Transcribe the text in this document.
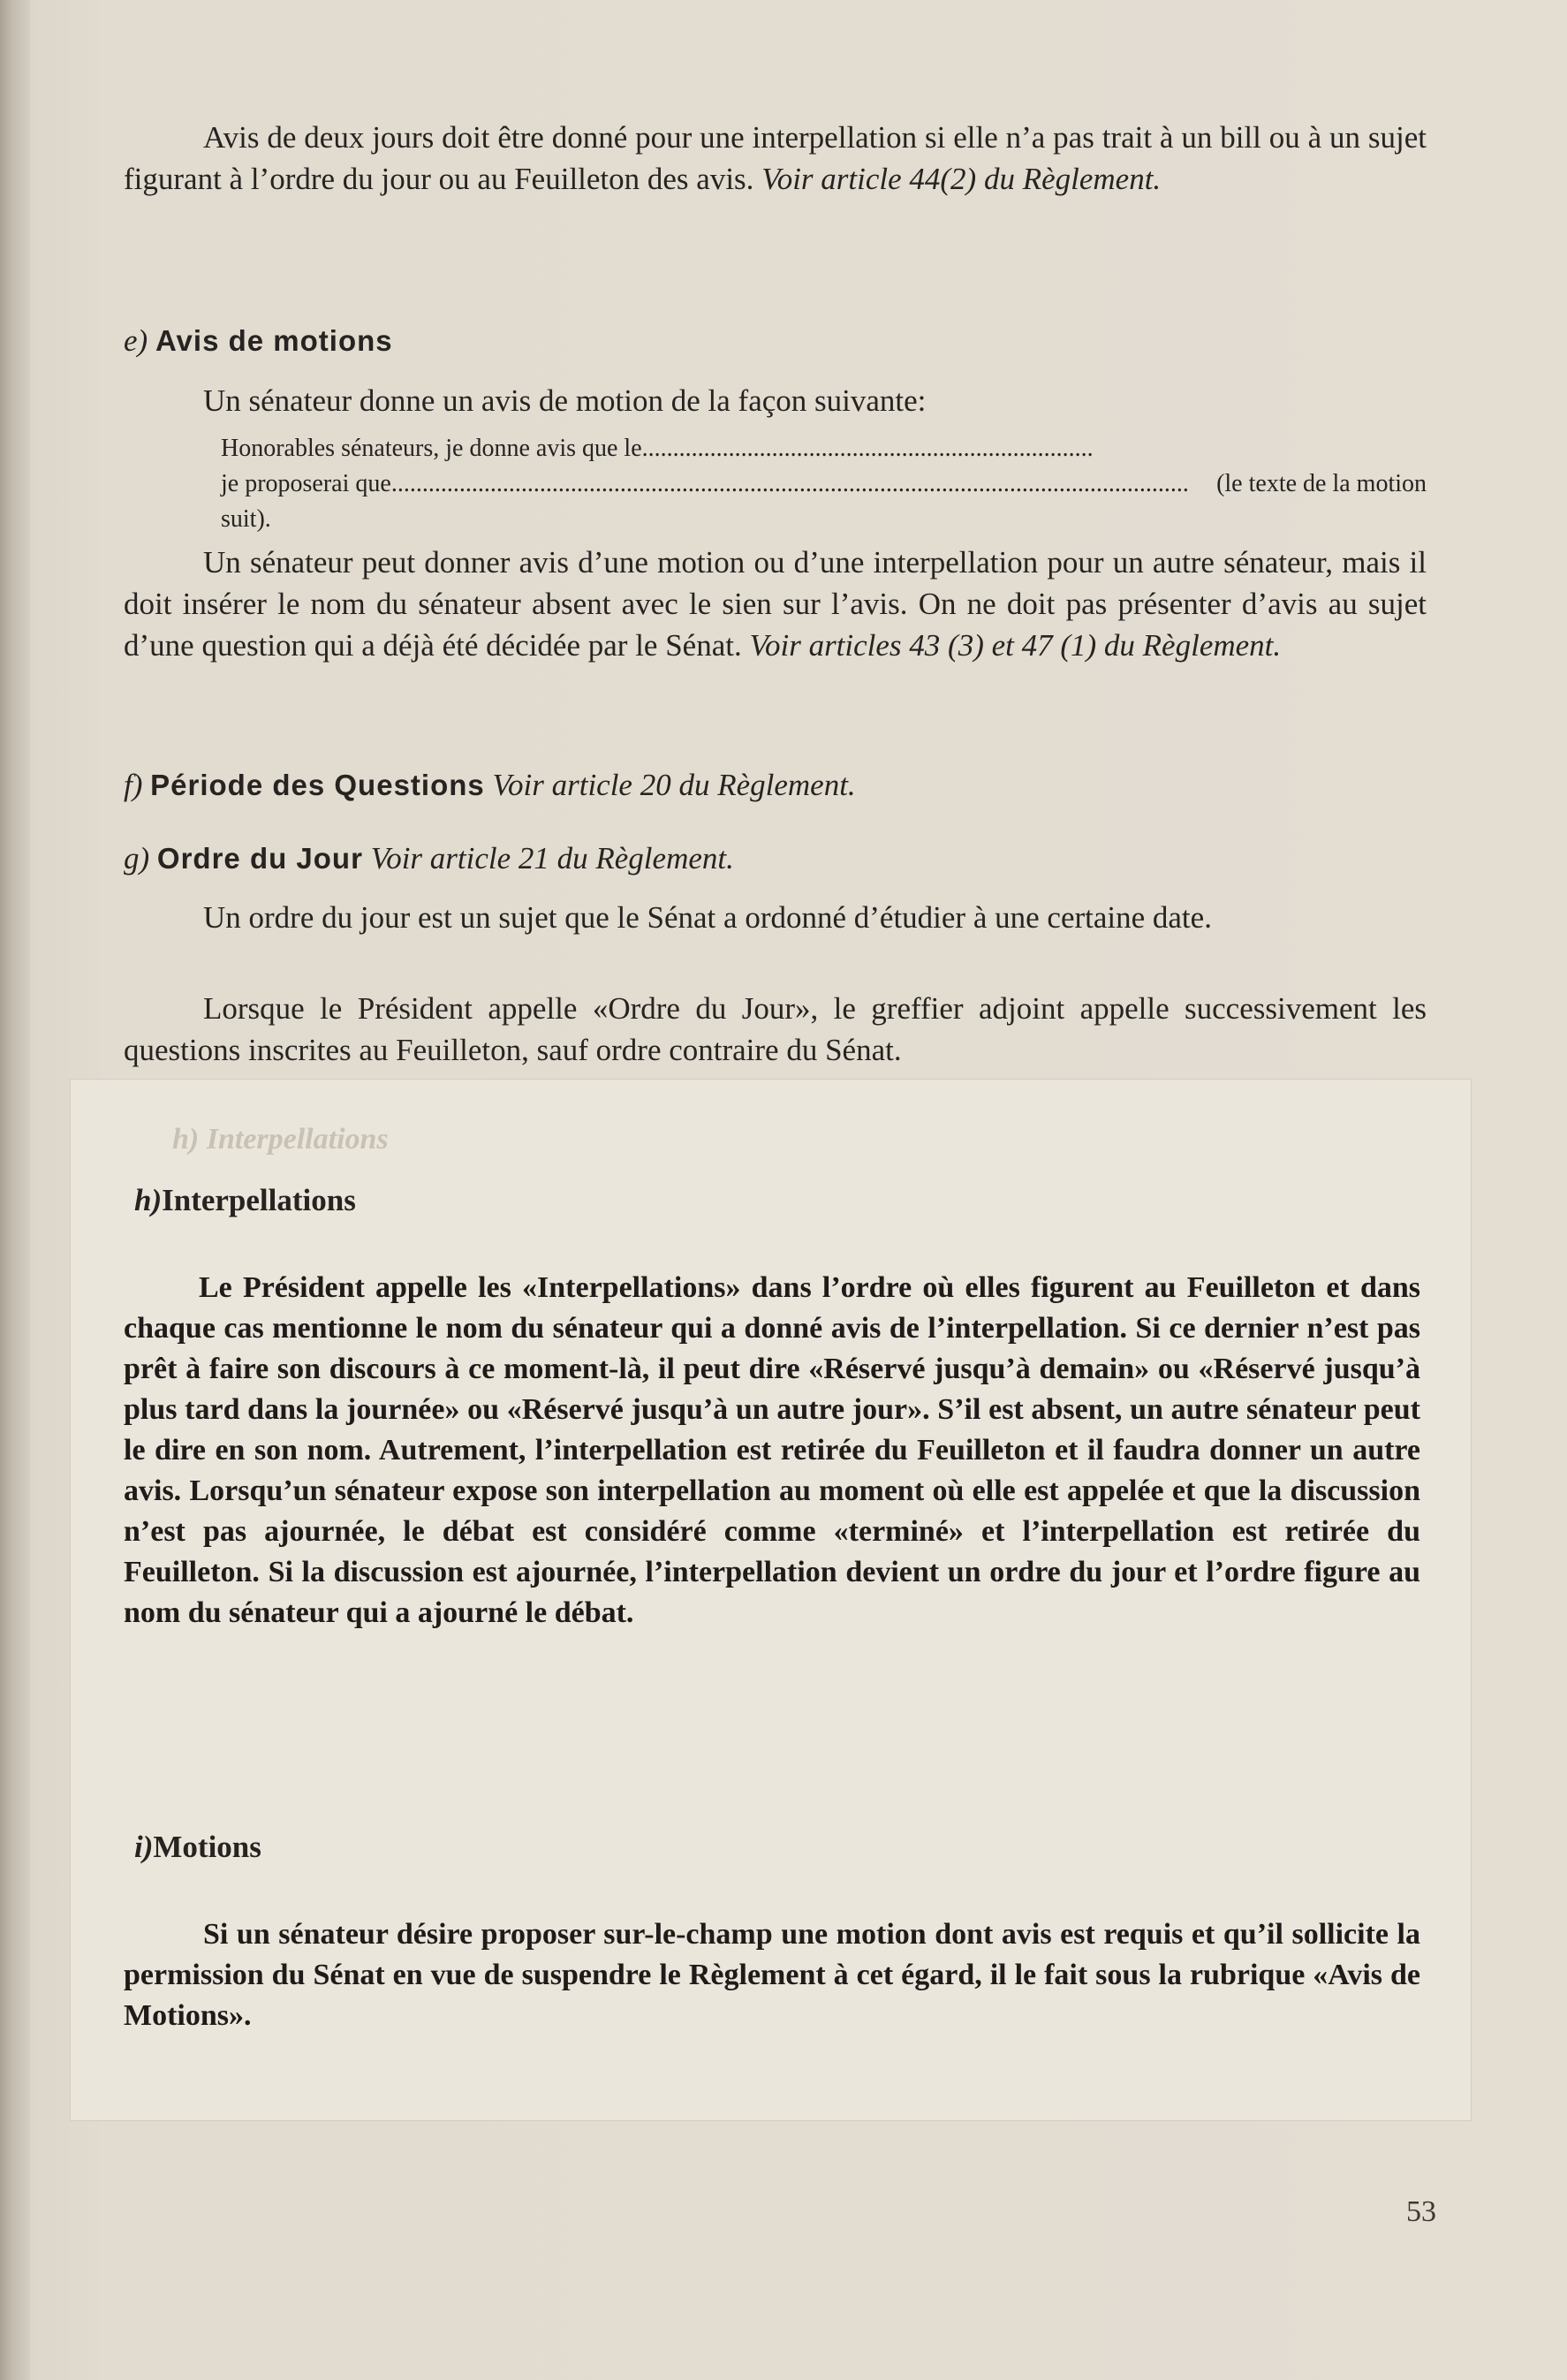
Avis de deux jours doit être donné pour une interpellation si elle n’a pas trait à un bill ou à un sujet figurant à l’ordre du jour ou au Feuilleton des avis. Voir article 44(2) du Règlement.

e) Avis de motions

Un sénateur donne un avis de motion de la façon suivante:

Honorables sénateurs, je donne avis que le.........................................................................
je proposerai que .................................................................................................................................	(le texte de la motion
suit).

Un sénateur peut donner avis d’une motion ou d’une interpellation pour un autre sénateur, mais il doit insérer le nom du sénateur absent avec le sien sur l’avis. On ne doit pas présenter d’avis au sujet d’une question qui a déjà été décidée par le Sénat. Voir articles 43 (3) et 47 (1) du Règlement.

f) Période des Questions Voir article 20 du Règlement.

g) Ordre du Jour Voir article 21 du Règlement.

Un ordre du jour est un sujet que le Sénat a ordonné d’étudier à une certaine date.

Lorsque le Président appelle «Ordre du Jour», le greffier adjoint appelle successivement les questions inscrites au Feuilleton, sauf ordre contraire du Sénat.

h) Interpellations

h)Interpellations

Le Président appelle les «Interpellations» dans l’ordre où elles figurent au Feuilleton et dans chaque cas mentionne le nom du sénateur qui a donné avis de l’interpellation. Si ce dernier n’est pas prêt à faire son discours à ce moment-là, il peut dire «Réservé jusqu’à demain» ou «Réservé jusqu’à plus tard dans la journée» ou «Réservé jusqu’à un autre jour». S’il est absent, un autre sénateur peut le dire en son nom. Autrement, l’interpellation est retirée du Feuilleton et il faudra donner un autre avis. Lorsqu’un sénateur expose son interpellation au moment où elle est appelée et que la discussion n’est pas ajournée, le débat est considéré comme «terminé» et l’interpellation est retirée du Feuilleton. Si la discussion est ajournée, l’interpellation devient un ordre du jour et l’ordre figure au nom du sénateur qui a ajourné le débat.

i)Motions

Si un sénateur désire proposer sur-le-champ une motion dont avis est requis et qu’il sollicite la permission du Sénat en vue de suspendre le Règlement à cet égard, il le fait sous la rubrique «Avis de Motions».

53
